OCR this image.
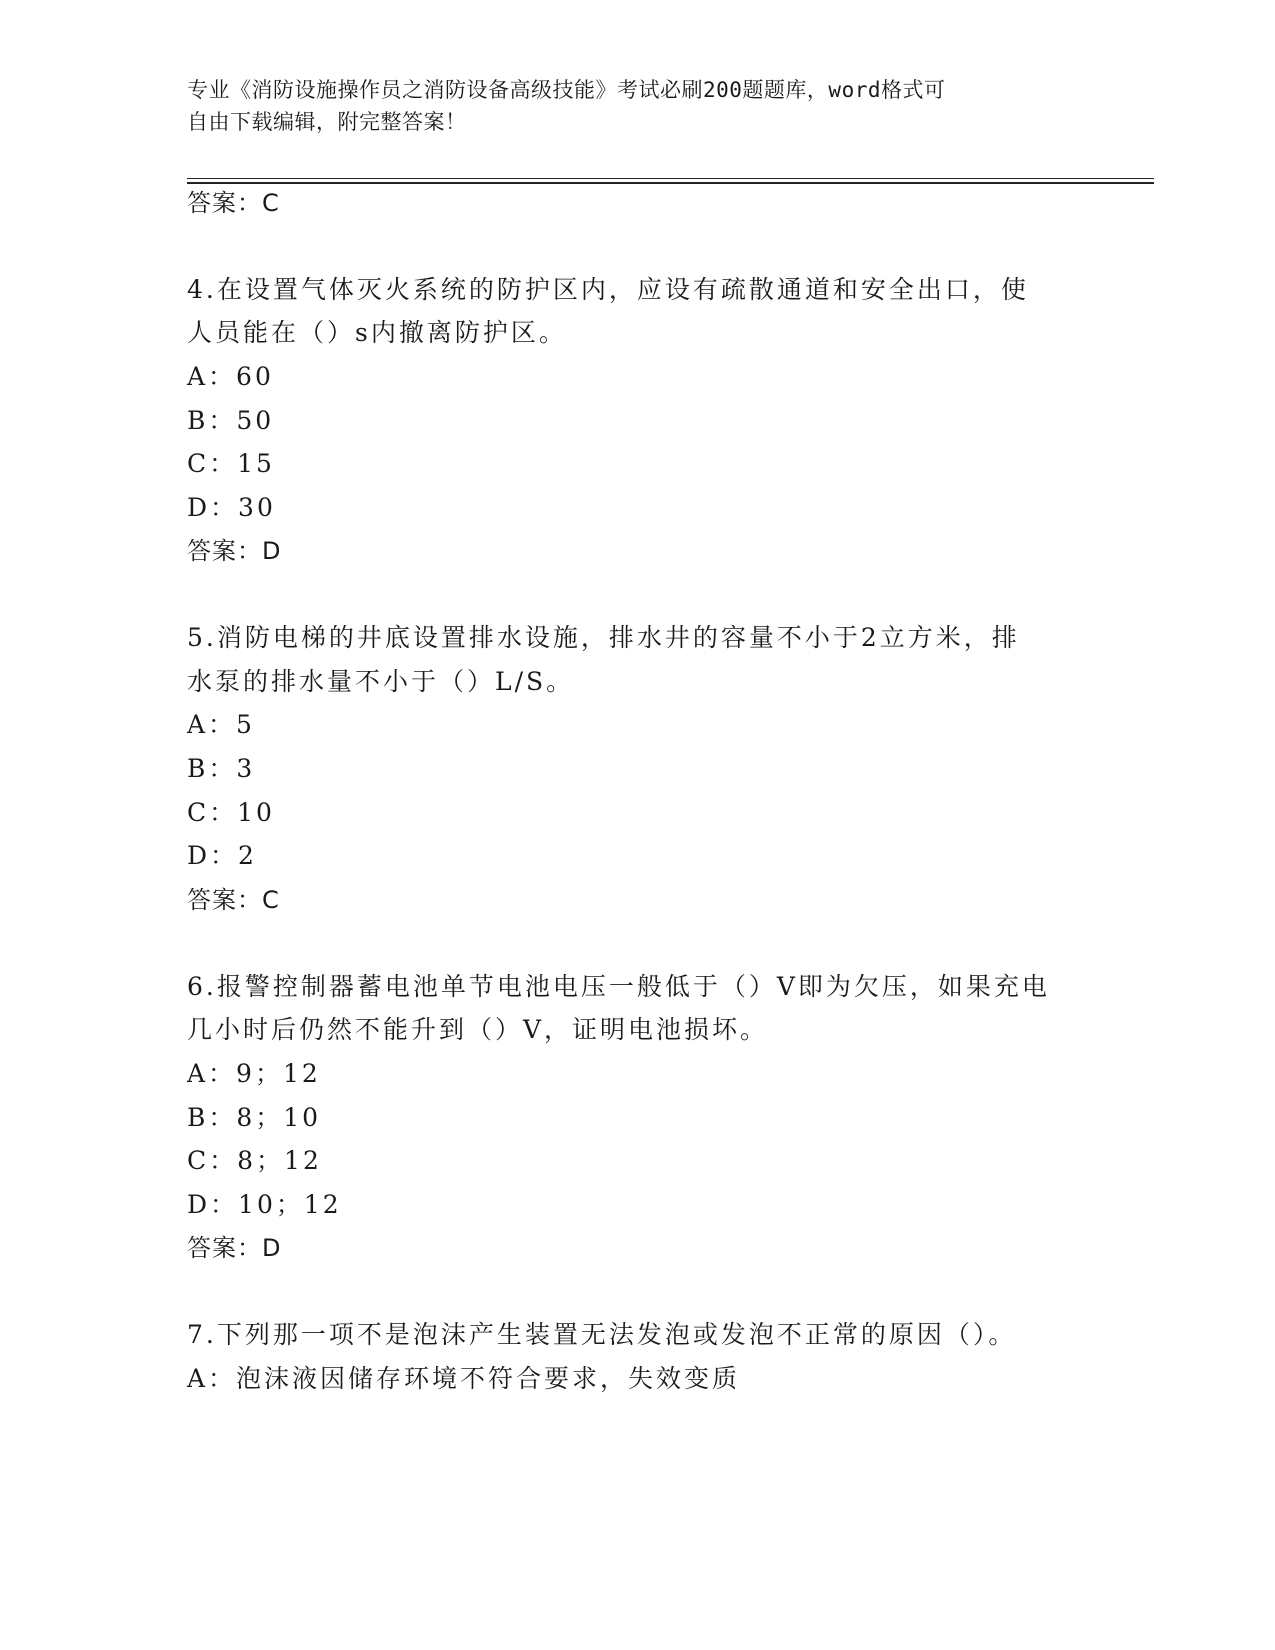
专业《消防设施操作员之消防设备高级技能》考试必刷200题题库，word格式可
自由下载编辑，附完整答案！
答案：C
4.在设置气体灭火系统的防护区内，应设有疏散通道和安全出口，使
人员能在（）s内撤离防护区。
A：60
B：50
C：15
D：30
答案：D
5.消防电梯的井底设置排水设施，排水井的容量不小于2立方米，排
水泵的排水量不小于（）L/S。
A：5
B：3
C：10
D：2
答案：C
6.报警控制器蓄电池单节电池电压一般低于（）V即为欠压，如果充电
几小时后仍然不能升到（）V，证明电池损坏。
A：9；12
B：8；10
C：8；12
D：10；12
答案：D
7.下列那一项不是泡沫产生装置无法发泡或发泡不正常的原因（）。
A：泡沫液因储存环境不符合要求，失效变质
